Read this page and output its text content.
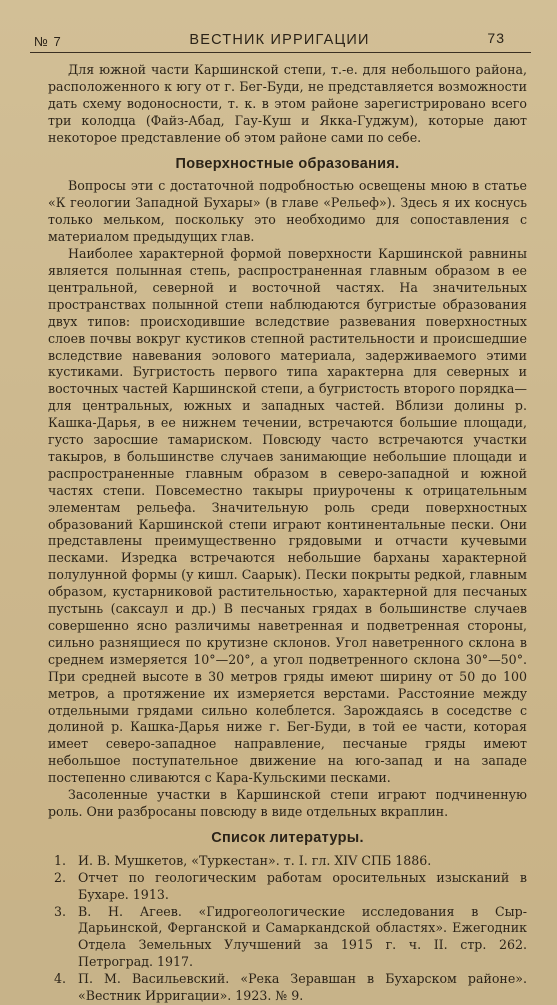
№ 7	ВЕСТНИК ИРРИГАЦИИ	73

Для южной части Каршинской степи, т.-е. для небольшого района, расположенного к югу от г. Бег-Буди, не представляется возможности дать схему водоносности, т. к. в этом районе зарегистрировано всего три колодца (Файз-Абад, Гау-Куш и Якка-Гуджум), которые дают некоторое представление об этом районе сами по себе.

Поверхностные образования.

Вопросы эти с достаточной подробностью освещены мною в статье «К геологии Западной Бухары» (в главе «Рельеф»). Здесь я их коснусь только мельком, поскольку это необходимо для сопоставления с материалом предыдущих глав.

Наиболее характерной формой поверхности Каршинской равнины является полынная степь, распространенная главным образом в ее центральной, северной и восточной частях. На значительных пространствах полынной степи наблюдаются бугристые образования двух типов: происходившие вследствие развевания поверхностных слоев почвы вокруг кустиков степной растительности и происшедшие вследствие навевания эолового материала, задерживаемого этими кустиками. Бугристость первого типа характерна для северных и восточных частей Каршинской степи, а бугристость второго порядка—для центральных, южных и западных частей. Вблизи долины р. Кашка-Дарья, в ее нижнем течении, встречаются большие площади, густо заросшие тамариском. Повсюду часто встречаются участки такыров, в большинстве случаев занимающие небольшие площади и распространенные главным образом в северо-западной и южной частях степи. Повсеместно такыры приурочены к отрицательным элементам рельефа. Значительную роль среди поверхностных образований Каршинской степи играют континентальные пески. Они представлены преимущественно грядовыми и отчасти кучевыми песками. Изредка встречаются небольшие барханы характерной полулунной формы (у кишл. Саарык). Пески покрыты редкой, главным образом, кустарниковой растительностью, характерной для песчаных пустынь (саксаул и др.) В песчаных грядах в большинстве случаев совершенно ясно различимы наветренная и подветренная стороны, сильно разнящиеся по крутизне склонов. Угол наветренного склона в среднем измеряется 10°—20°, а угол подветренного склона 30°—50°. При средней высоте в 30 метров гряды имеют ширину от 50 до 100 метров, а протяжение их измеряется верстами. Расстояние между отдельными грядами сильно колеблется. Зарождаясь в соседстве с долиной р. Кашка-Дарья ниже г. Бег-Буди, в той ее части, которая имеет северо-западное направление, песчаные гряды имеют небольшое поступательное движение на юго-запад и на западе постепенно сливаются с Кара-Кульскими песками.

Засоленные участки в Каршинской степи играют подчиненную роль. Они разбросаны повсюду в виде отдельных вкраплин.

Список литературы.
1. И. В. Мушкетов, «Туркестан». т. I. гл. XIV СПБ 1886.
2. Отчет по геологическим работам оросительных изысканий в Бухаре. 1913.
3. В. Н. Агеев. «Гидрогеологические исследования в Сыр-Дарьинской, Ферганской и Самаркандской областях». Ежегодник Отдела Земельных Улучшений за 1915 г. ч. II. стр. 262. Петроград. 1917.
4. П. М. Васильевский. «Река Зеравшан в Бухарском районе». «Вестник Ирригации». 1923. № 9.
